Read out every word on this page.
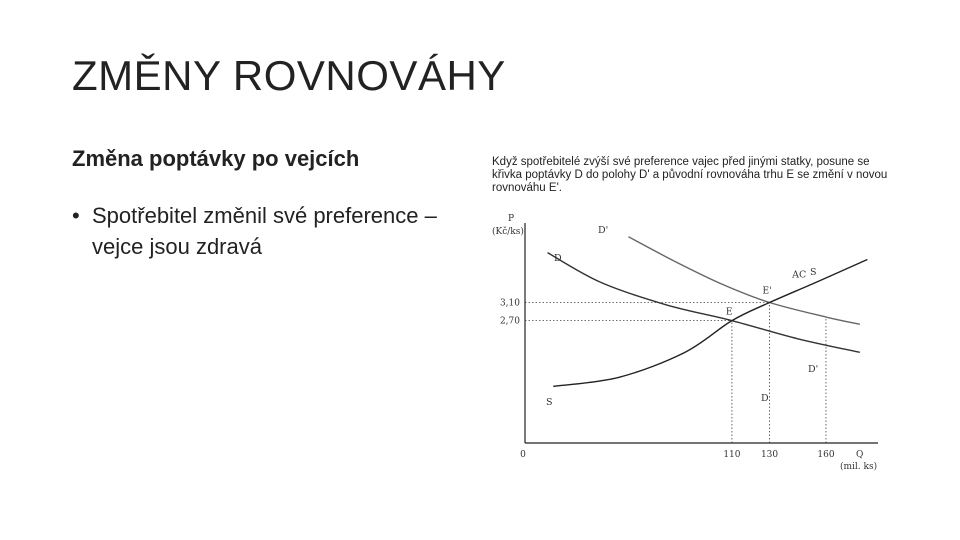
ZMĚNY ROVNOVÁHY
Změna poptávky po vejcích
• Spotřebitel změnil své preference – vejce jsou zdravá
Když spotřebitelé zvýší své preference vajec před jinými statky, posune se křivka poptávky D do polohy D' a původní rovnováha trhu E se změní v novou rovnováhu E'.
D
D
D'
D'
S
S
AC
E
E'
P
(Kč/ks)
Q
(mil. ks)
0
3,10
2,70
110 130	160
